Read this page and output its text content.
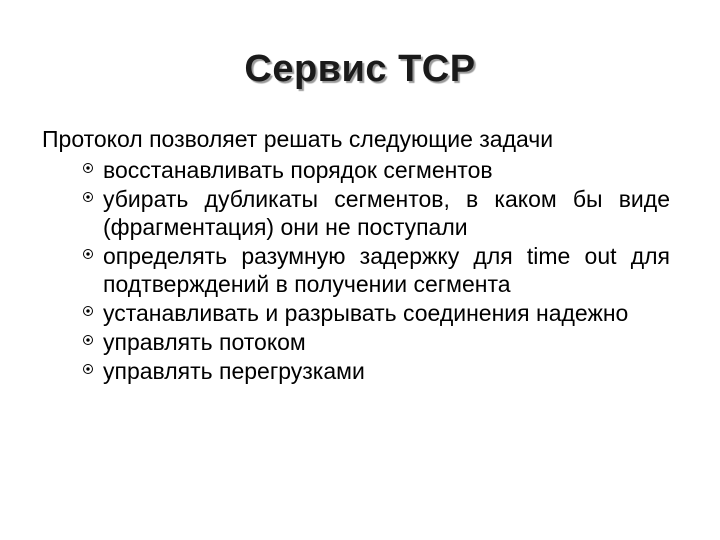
Сервис TCP

Протокол позволяет решать следующие задачи

•
восстанавливать порядок сегментов
•
убирать дубликаты сегментов, в каком бы виде (фрагментация) они не поступали
•
определять разумную задержку для time out для подтверждений в получении сегмента
•
устанавливать и разрывать соединения надежно
•
управлять потоком
•
управлять перегрузками
